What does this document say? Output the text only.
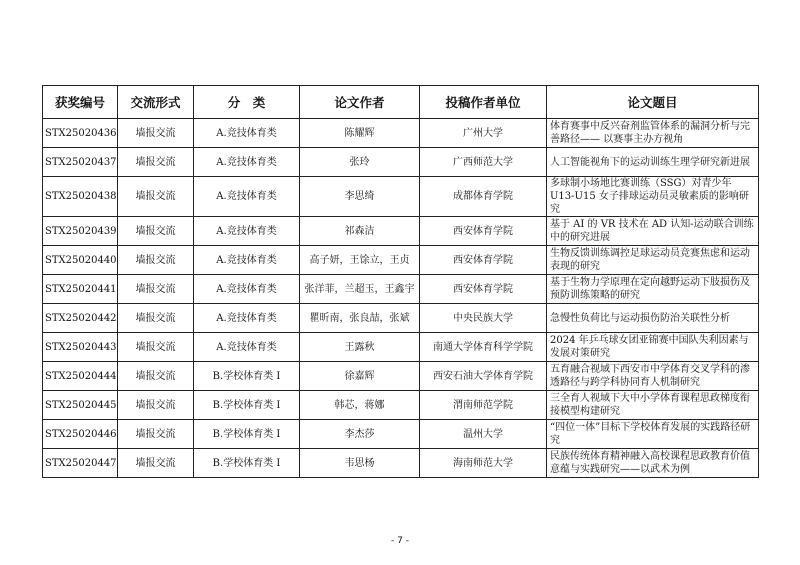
获奖编号	交流形式	分　类	论文作者	投稿作者单位	论文题目
STX25020436	墙报交流	A.竞技体育类	陈耀辉	广州大学	体育赛事中反兴奋剂监管体系的漏洞分析与完善路径—— 以赛事主办方视角
STX25020437	墙报交流	A.竞技体育类	张玲	广西师范大学	人工智能视角下的运动训练生理学研究新进展
STX25020438	墙报交流	A.竞技体育类	李思绮	成都体育学院	多球制小场地比赛训练（SSG）对青少年 U13-U15 女子排球运动员灵敏素质的影响研究
STX25020439	墙报交流	A.竞技体育类	祁森洁	西安体育学院	基于 AI 的 VR 技术在 AD 认知-运动联合训练中的研究进展
STX25020440	墙报交流	A.竞技体育类	高子妍，王馀立，王贞	西安体育学院	生物反馈训练调控足球运动员竞赛焦虑和运动表现的研究
STX25020441	墙报交流	A.竞技体育类	张洋菲，兰超玉，王鑫宇	西安体育学院	基于生物力学原理在定向越野运动下肢损伤及预防训练策略的研究
STX25020442	墙报交流	A.竞技体育类	瞿昕南，张良喆，张斌	中央民族大学	急慢性负荷比与运动损伤防治关联性分析
STX25020443	墙报交流	A.竞技体育类	王露秋	南通大学体育科学学院	2024 年乒乓球女团亚锦赛中国队失利因素与发展对策研究
STX25020444	墙报交流	B.学校体育类 I	徐嘉辉	西安石油大学体育学院	五育融合视域下西安市中学体育交叉学科的渗透路径与跨学科协同育人机制研究
STX25020445	墙报交流	B.学校体育类 I	韩芯，蒋娜	渭南师范学院	三全育人视域下大中小学体育课程思政梯度衔接模型构建研究
STX25020446	墙报交流	B.学校体育类 I	李杰莎	温州大学	“四位一体”目标下学校体育发展的实践路径研究
STX25020447	墙报交流	B.学校体育类 I	韦思杨	海南师范大学	民族传统体育精神融入高校课程思政教育价值意蕴与实践研究——以武术为例
- 7 -
